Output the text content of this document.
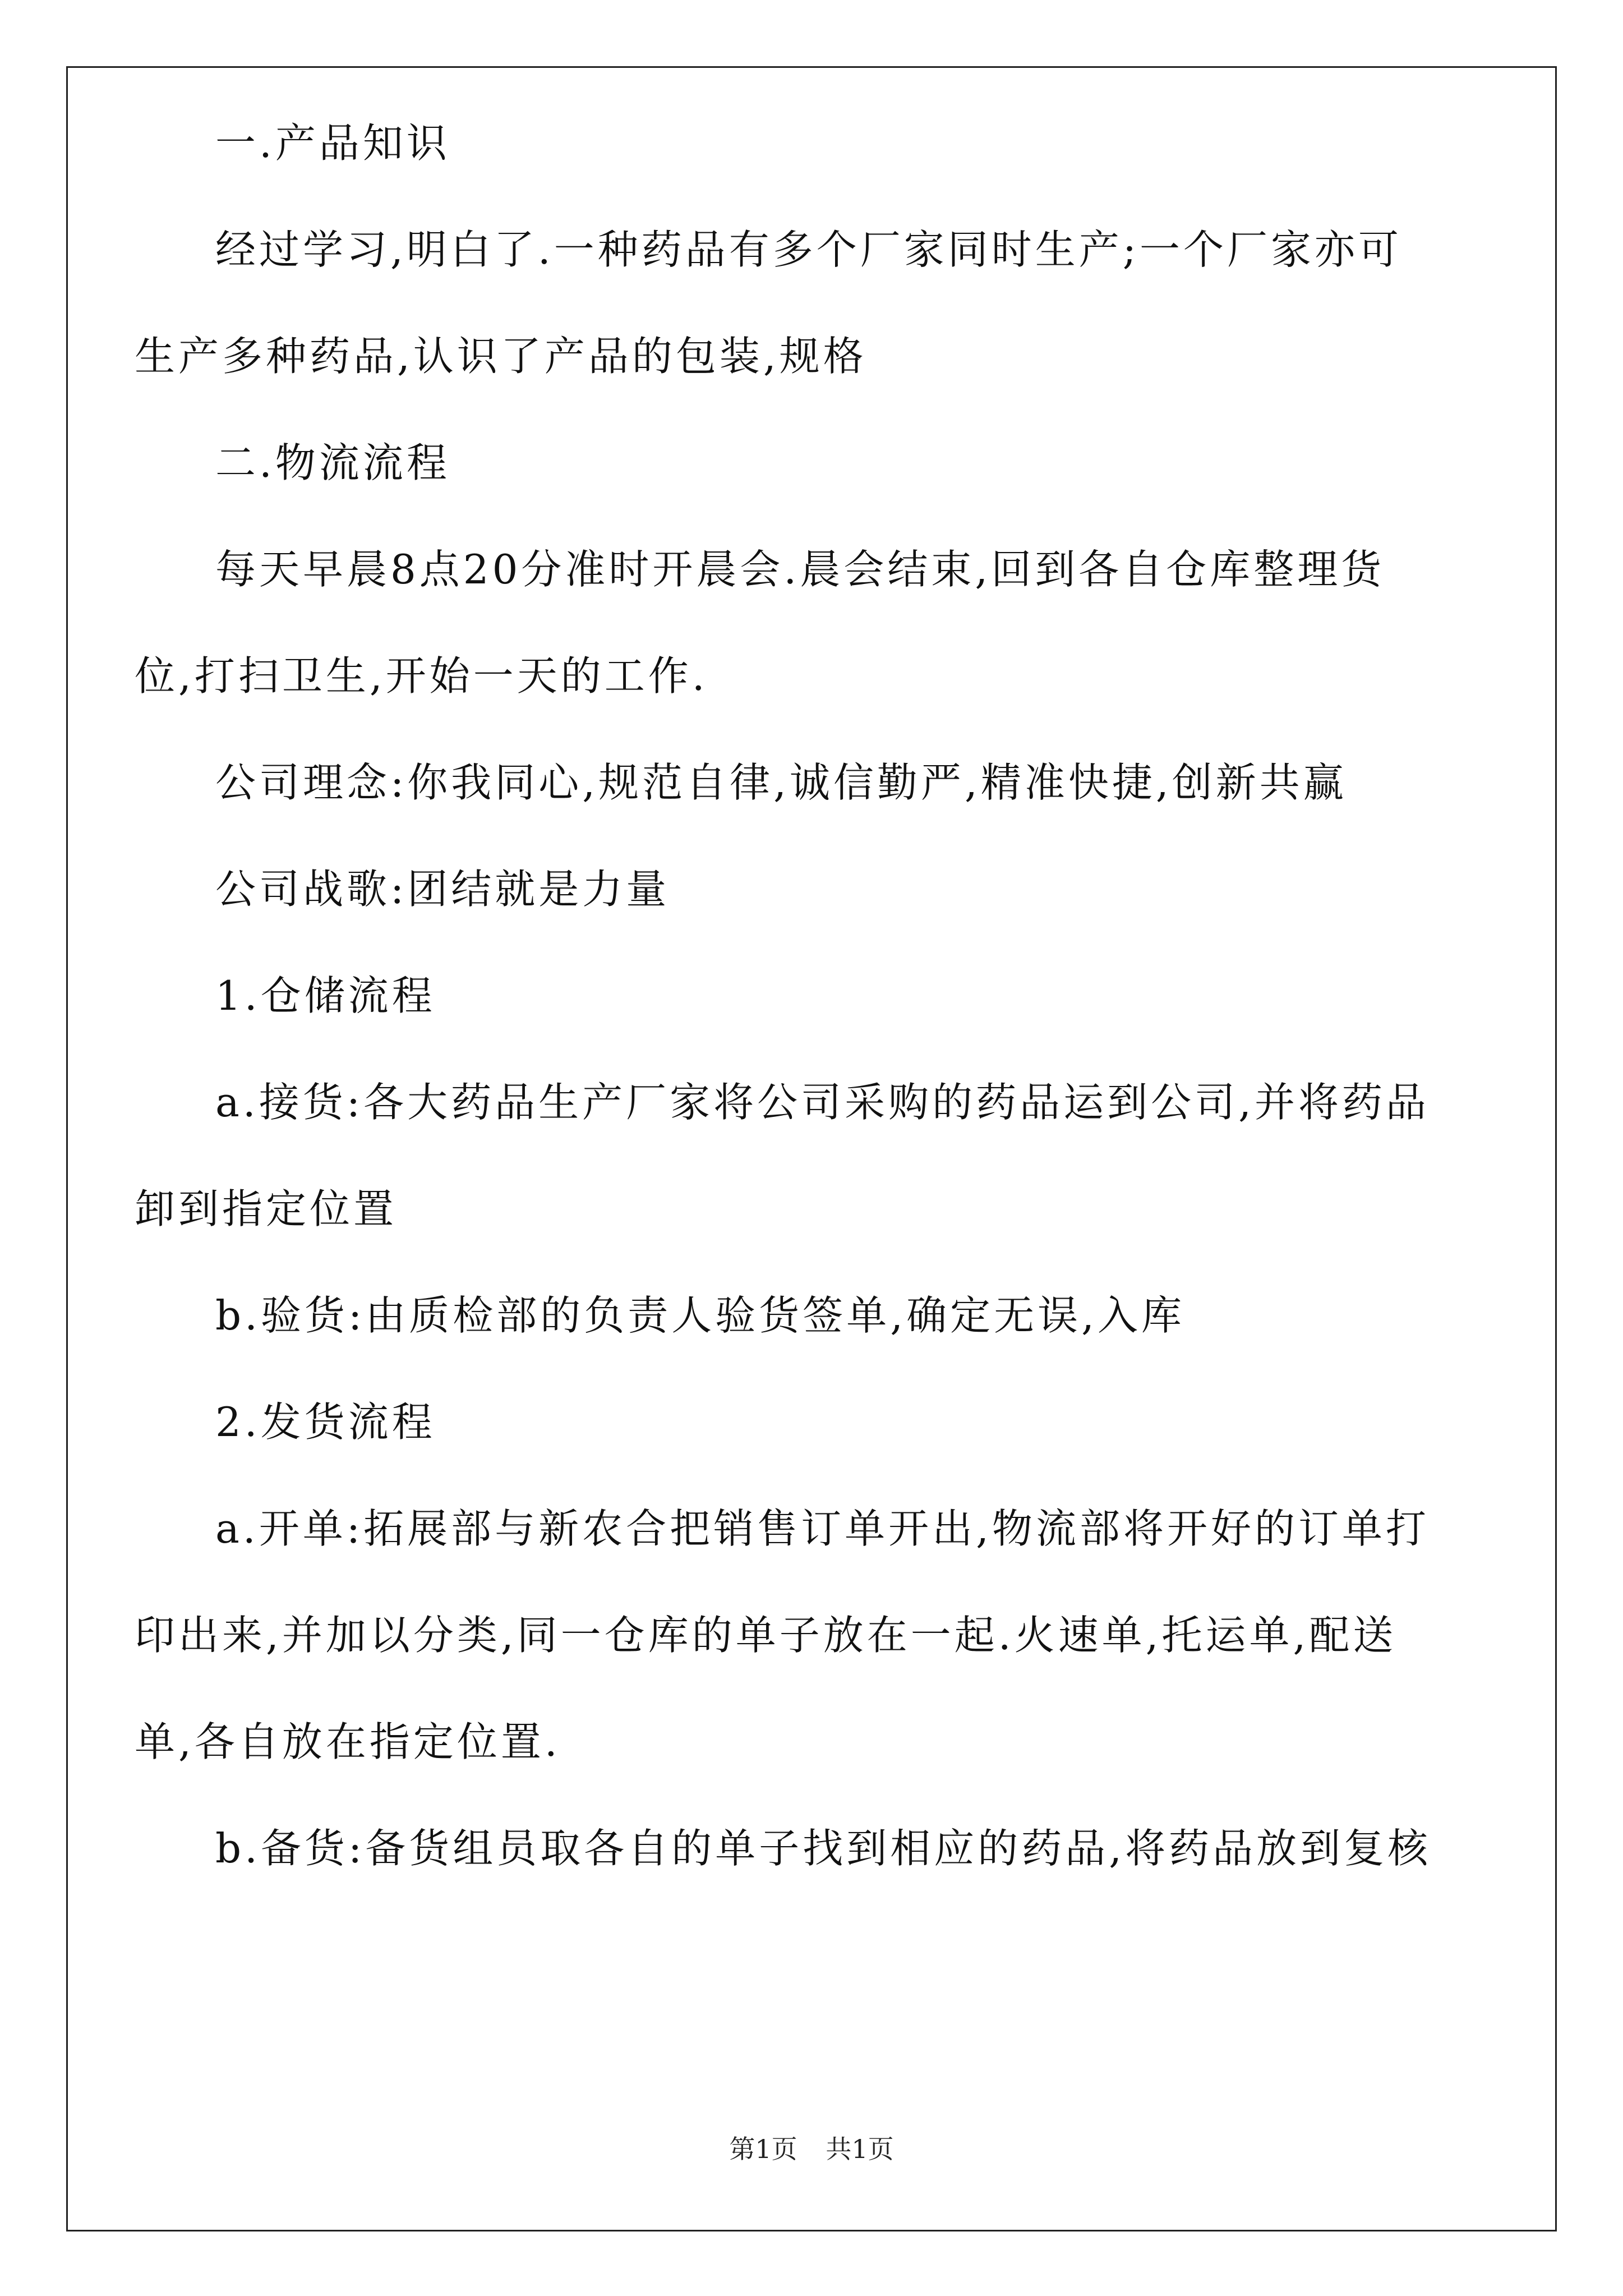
一.产品知识

经过学习,明白了.一种药品有多个厂家同时生产;一个厂家亦可生产多种药品,认识了产品的包装,规格

二.物流流程

每天早晨8点20分准时开晨会.晨会结束,回到各自仓库整理货位,打扫卫生,开始一天的工作.

公司理念:你我同心,规范自律,诚信勤严,精准快捷,创新共赢

公司战歌:团结就是力量

1.仓储流程

a.接货:各大药品生产厂家将公司采购的药品运到公司,并将药品卸到指定位置

b.验货:由质检部的负责人验货签单,确定无误,入库

2.发货流程

a.开单:拓展部与新农合把销售订单开出,物流部将开好的订单打印出来,并加以分类,同一仓库的单子放在一起.火速单,托运单,配送单,各自放在指定位置.

b.备货:备货组员取各自的单子找到相应的药品,将药品放到复核

第1页 共1页
